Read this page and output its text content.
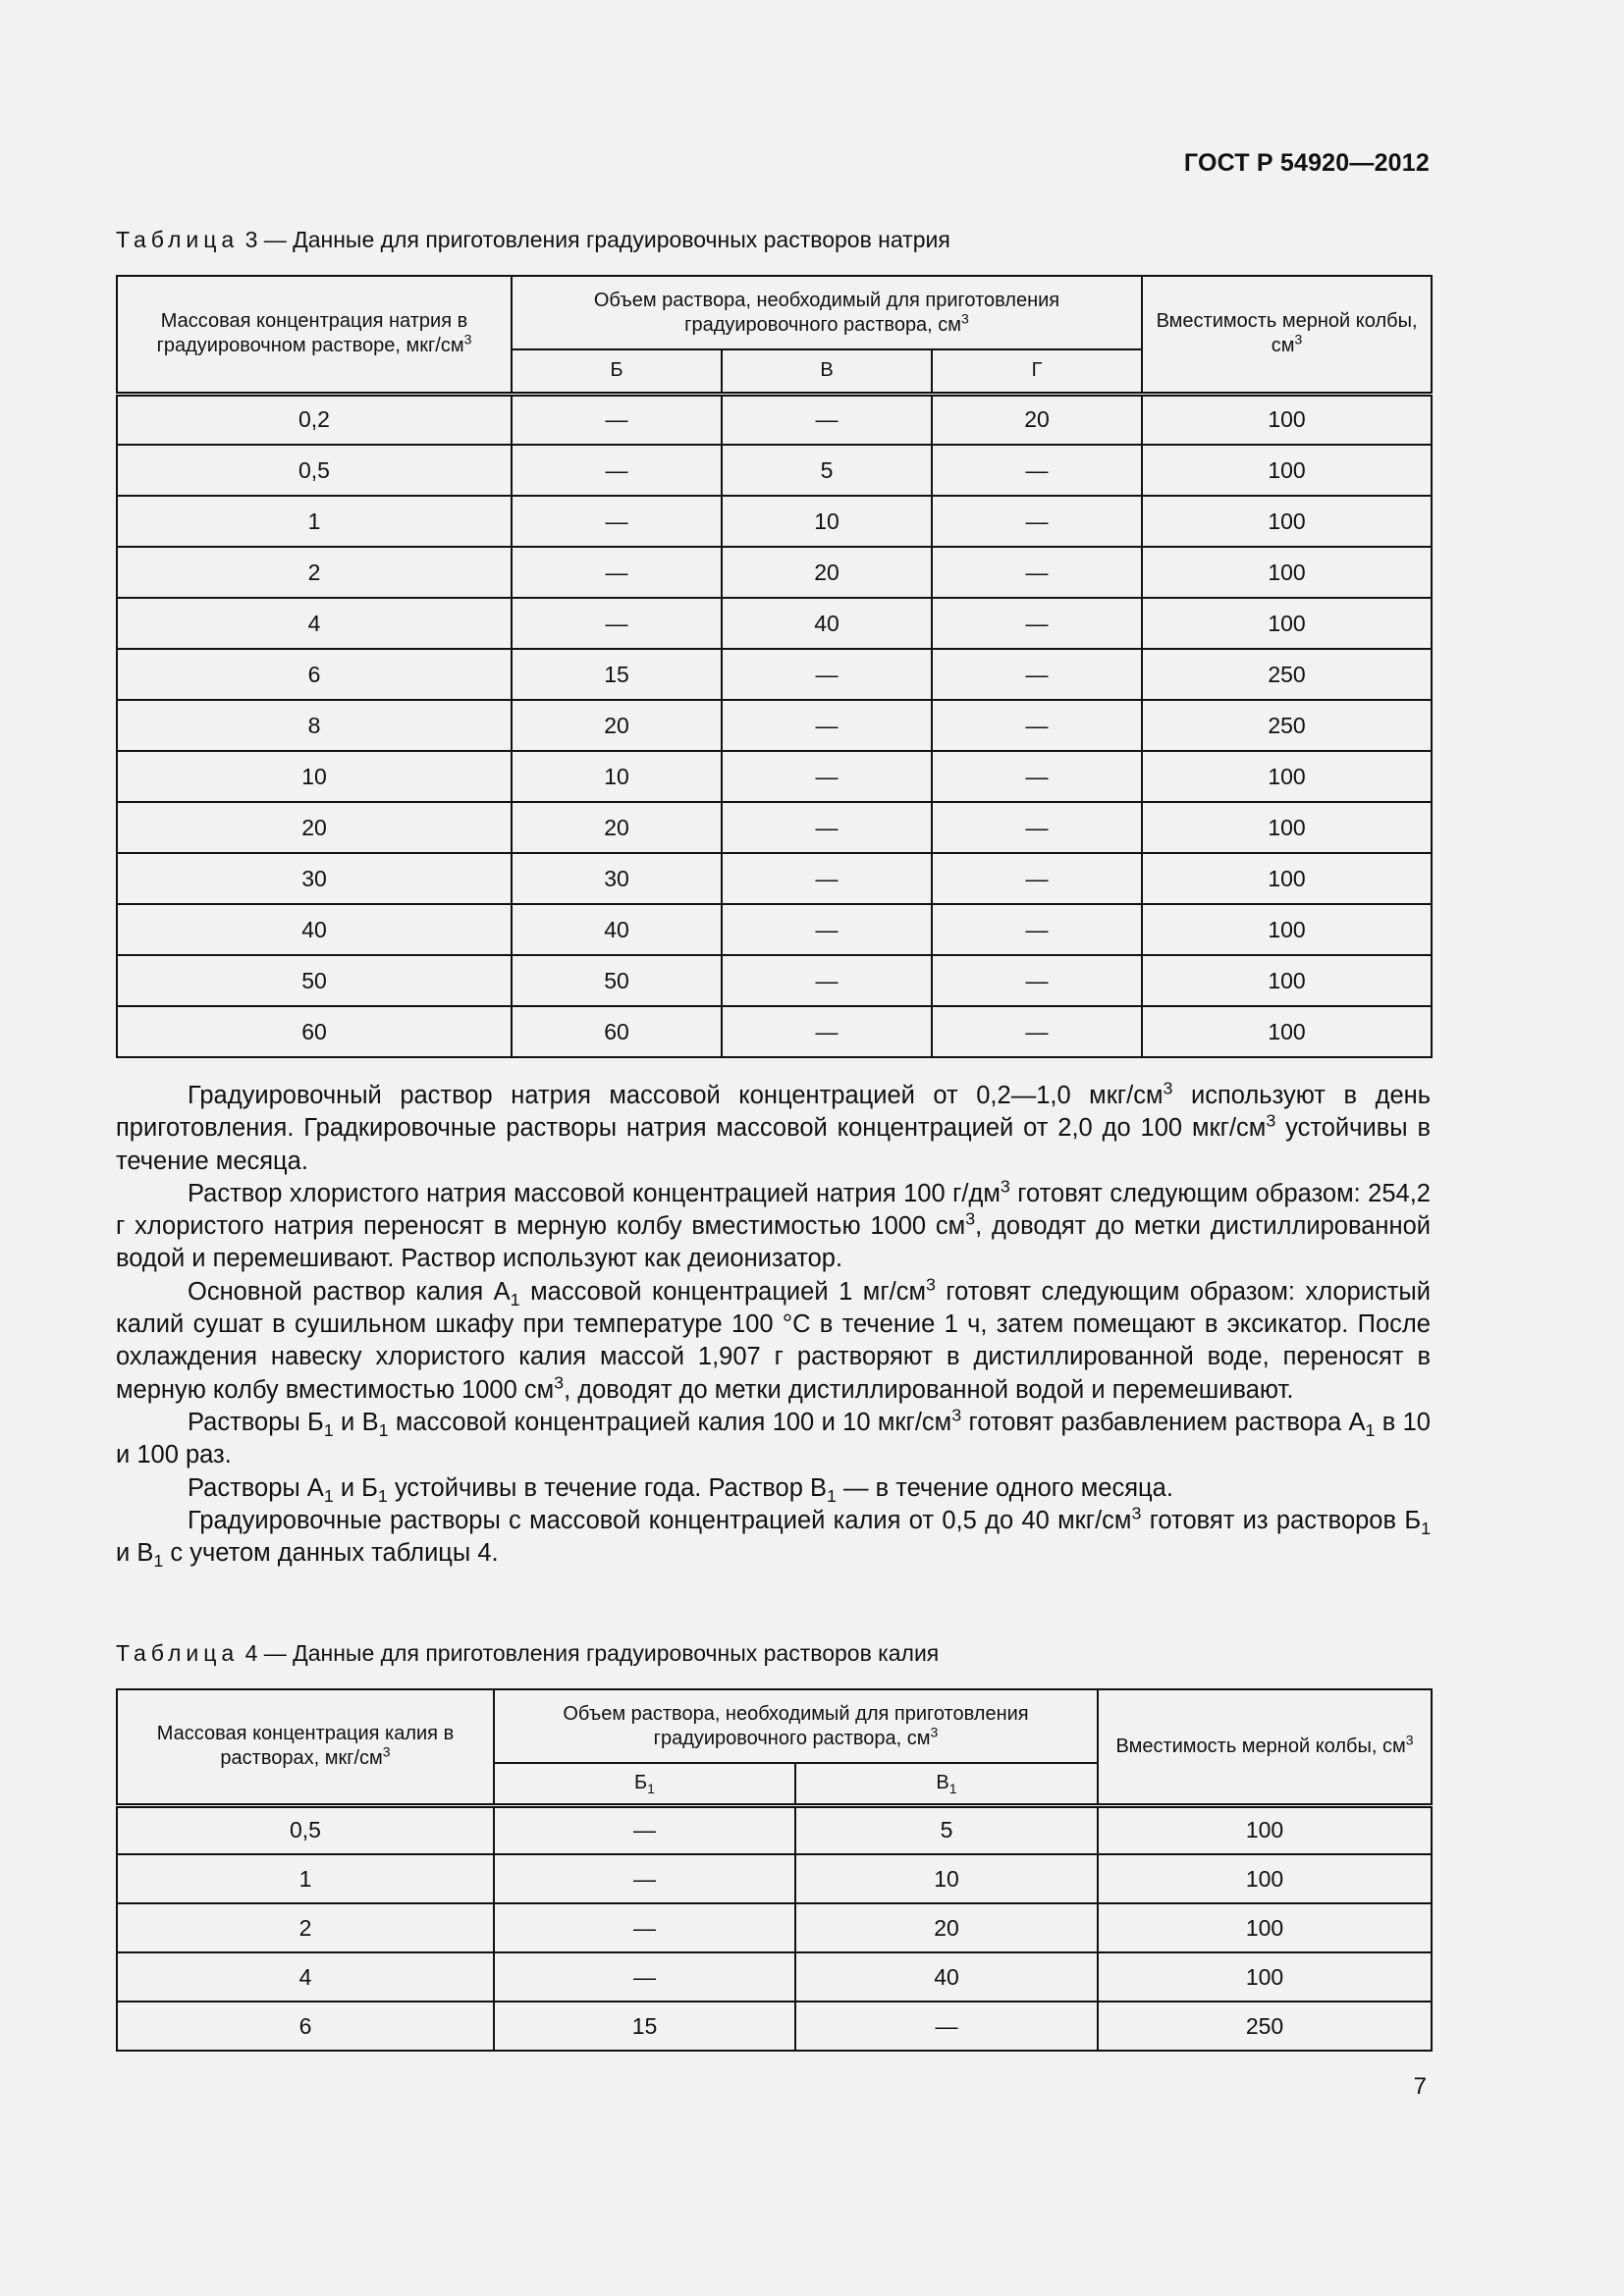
ГОСТ Р 54920—2012
Таблица 3 — Данные для приготовления градуировочных растворов натрия
Массовая концентрация натрия в градуировочном растворе, мкг/$см^3$	Объем раствора, необходимый для приготовления градуировочного раствора, $см^3$			Вместимость мерной колбы, $см^3$
	Б	В	Г	
0,2	—	—	20	100
0,5	—	5	—	100
1	—	10	—	100
2	—	20	—	100
4	—	40	—	100
6	15	—	—	250
8	20	—	—	250
10	10	—	—	100
20	20	—	—	100
30	30	—	—	100
40	40	—	—	100
50	50	—	—	100
60	60	—	—	100

Градуировочный раствор натрия массовой концентрацией от 0,2—1,0 мкг/$см^3$ используют в день приготовления. Градкировочные растворы натрия массовой концентрацией от 2,0 до 100 мкг/$см^3$ устойчивы в течение месяца.

Раствор хлористого натрия массовой концентрацией натрия 100 $г/дм^3$ готовят следующим образом: 254,2 г хлористого натрия переносят в мерную колбу вместимостью 1000 $см^3$, доводят до метки дистиллированной водой и перемешивают. Раствор используют как деионизатор.

Основной раствор калия $А_1$ массовой концентрацией 1 $мг/см^3$ готовят следующим образом: хлористый калий сушат в сушильном шкафу при температуре 100 °С в течение 1 ч, затем помещают в эксикатор. После охлаждения навеску хлористого калия массой 1,907 г растворяют в дистиллированной воде, переносят в мерную колбу вместимостью 1000 $см^3$, доводят до метки дистиллированной водой и перемешивают.

Растворы $Б_1$ и $В_1$ массовой концентрацией калия 100 и 10 мкг/$см^3$ готовят разбавлением раствора $А_1$ в 10 и 100 раз.

Растворы $А_1$ и $Б_1$ устойчивы в течение года. Раствор $В_1$ — в течение одного месяца.

Градуировочные растворы с массовой концентрацией калия от 0,5 до 40 мкг/$см^3$ готовят из растворов $Б_1$ и $В_1$ с учетом данных таблицы 4.

Таблица 4 — Данные для приготовления градуировочных растворов калия
Массовая концентрация калия в растворах, мкг/$см^3$	Объем раствора, необходимый для приготовления градуировочного раствора, $см^3$		Вместимость мерной колбы, $см^3$
	$Б_1$	$В_1$
0,5	—	5	100
1	—	10	100
2	—	20	100
4	—	40	100
6	15	—	250
7
